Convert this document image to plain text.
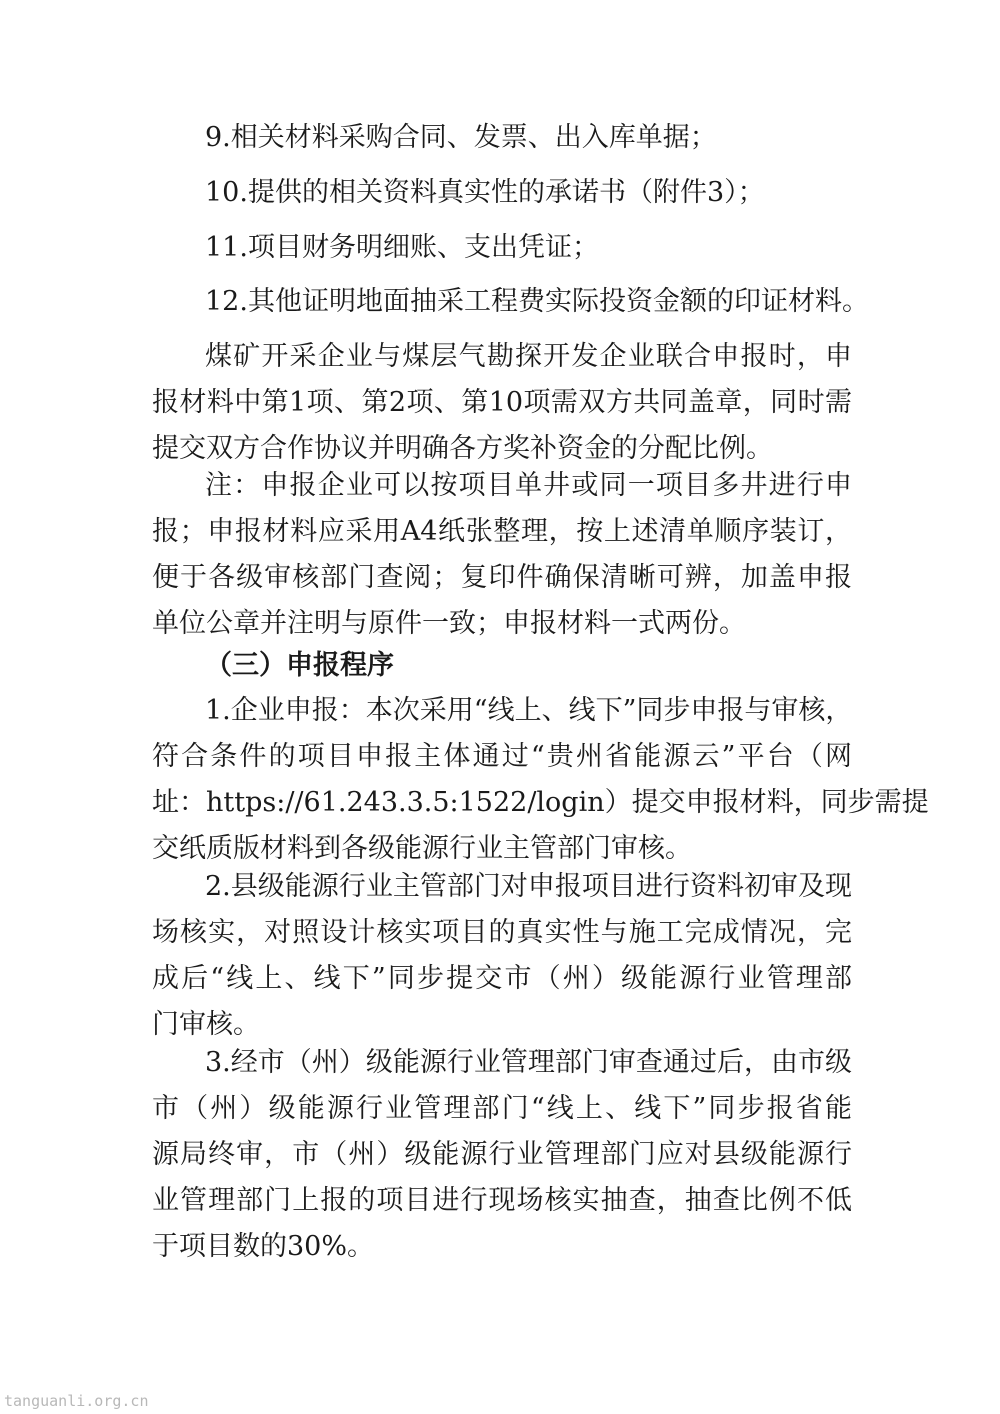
9.相关材料采购合同、发票、出入库单据；
10.提供的相关资料真实性的承诺书（附件3）；
11.项目财务明细账、支出凭证；
12.其他证明地面抽采工程费实际投资金额的印证材料。
煤矿开采企业与煤层气勘探开发企业联合申报时，申
报材料中第1项、第2项、第10项需双方共同盖章，同时需
提交双方合作协议并明确各方奖补资金的分配比例。
注：申报企业可以按项目单井或同一项目多井进行申
报；申报材料应采用A4纸张整理，按上述清单顺序装订，
便于各级审核部门查阅；复印件确保清晰可辨，加盖申报
单位公章并注明与原件一致；申报材料一式两份。
（三）申报程序
1.企业申报：本次采用“线上、线下”同步申报与审核，
符合条件的项目申报主体通过“贵州省能源云”平台（网
址：https://61.243.3.5:1522/login）提交申报材料，同步需提
交纸质版材料到各级能源行业主管部门审核。
2.县级能源行业主管部门对申报项目进行资料初审及现
场核实，对照设计核实项目的真实性与施工完成情况，完
成后“线上、线下”同步提交市（州）级能源行业管理部
门审核。
3.经市（州）级能源行业管理部门审查通过后，由市级
市（州）级能源行业管理部门“线上、线下”同步报省能
源局终审，市（州）级能源行业管理部门应对县级能源行
业管理部门上报的项目进行现场核实抽查，抽查比例不低
于项目数的30%。
tanguanli.org.cn
